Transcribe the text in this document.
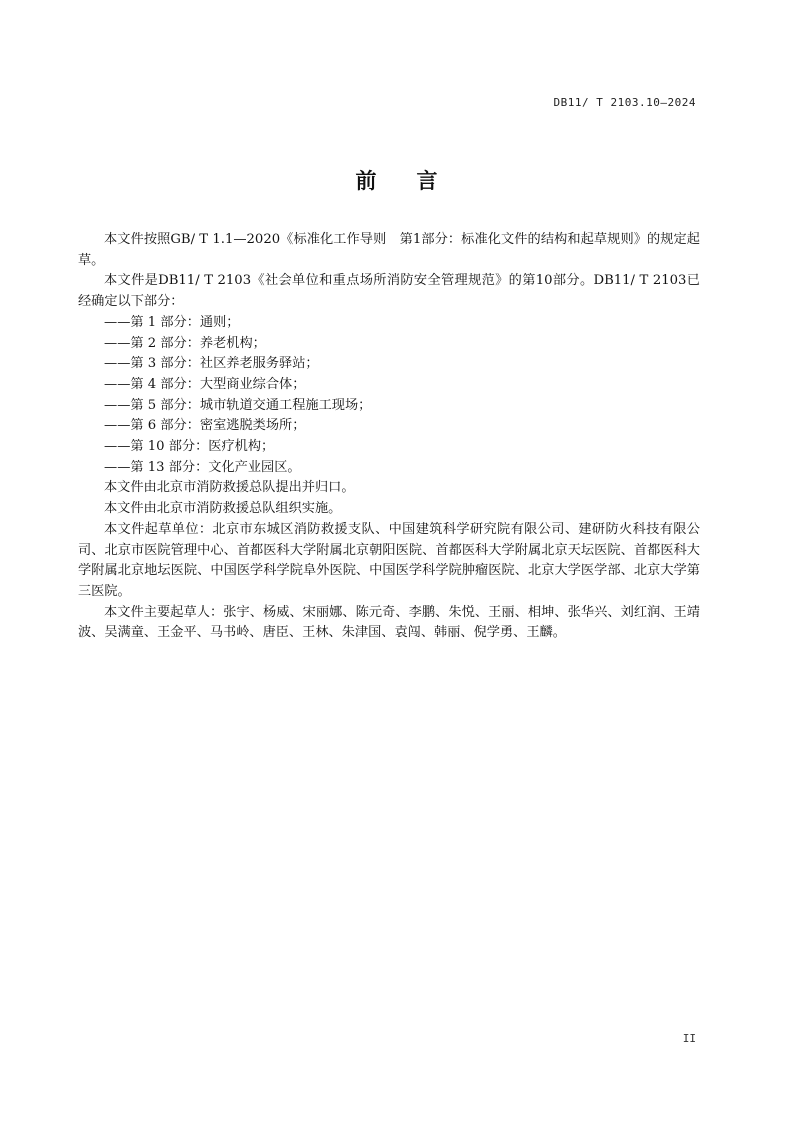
DB11/ T 2103.10—2024
前言

本文件按照GB/ T 1.1—2020《标准化工作导则　第1部分：标准化文件的结构和起草规则》的规定起草。

本文件是DB11/ T 2103《社会单位和重点场所消防安全管理规范》的第10部分。DB11/ T 2103已经确定以下部分：

——第 1 部分：通则；

——第 2 部分：养老机构；

——第 3 部分：社区养老服务驿站；

——第 4 部分：大型商业综合体；

——第 5 部分：城市轨道交通工程施工现场；

——第 6 部分：密室逃脱类场所；

——第 10 部分：医疗机构；

——第 13 部分：文化产业园区。

本文件由北京市消防救援总队提出并归口。

本文件由北京市消防救援总队组织实施。

本文件起草单位：北京市东城区消防救援支队、中国建筑科学研究院有限公司、建研防火科技有限公司、北京市医院管理中心、首都医科大学附属北京朝阳医院、首都医科大学附属北京天坛医院、首都医科大学附属北京地坛医院、中国医学科学院阜外医院、中国医学科学院肿瘤医院、北京大学医学部、北京大学第三医院。

本文件主要起草人：张宇、杨威、宋丽娜、陈元奇、李鹏、朱悦、王丽、相坤、张华兴、刘红润、王靖波、吴满童、王金平、马书岭、唐臣、王林、朱津国、袁闯、韩丽、倪学勇、王麟。

II
